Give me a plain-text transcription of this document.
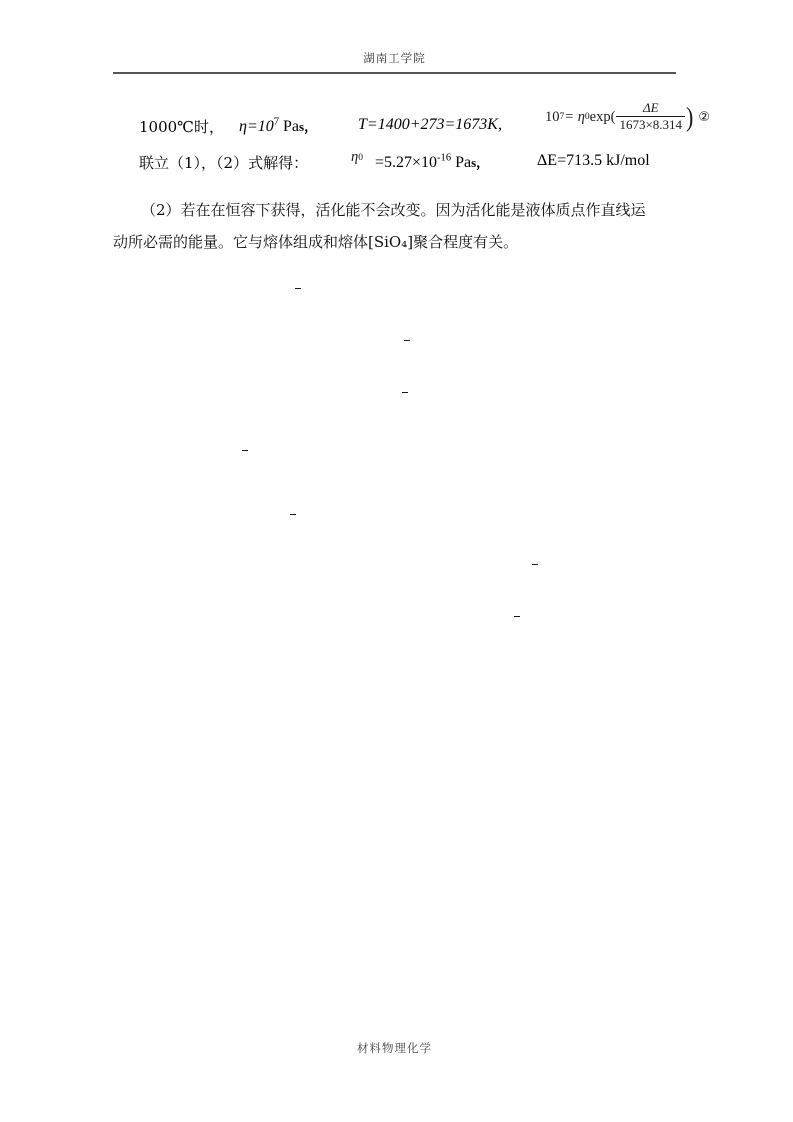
湖南工学院
1000℃时， $\eta=10^7$ Pas，	T=1400+273=1673K,	10 7 = η 0 $\exp( \frac{\Delta E}{1673\times 8.314}$ ) ②
联立（1），（2）式解得：	η $0 =5.27\times 10^{-16}$ Pas，	ΔE=713.5 kJ/mol
（2）若在在恒容下获得，活化能不会改变。因为活化能是液体质点作直线运
动所必需的能量。它与熔体组成和熔体[SiO₄]聚合程度有关。
材料物理化学
